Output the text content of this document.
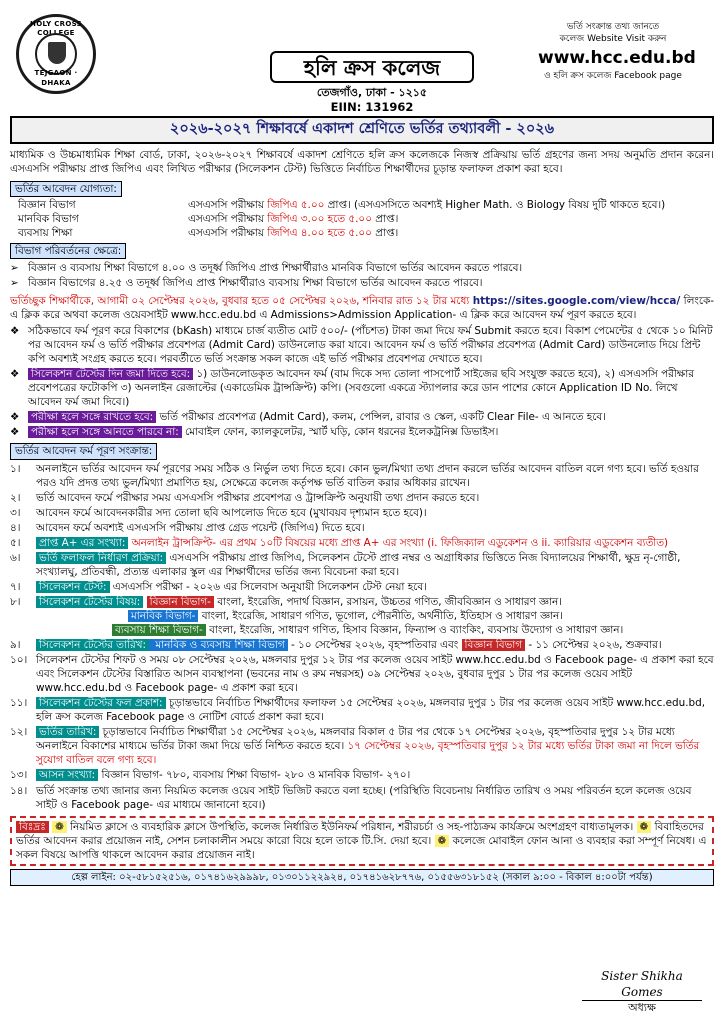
HOLY CROSS COLLEGE
TEJGAON · DHAKA
হলি ক্রস কলেজ
তেজগাঁও, ঢাকা - ১২১৫
EIIN: 131962
ভর্তি সংক্রান্ত তথ্য জানতে
কলেজ Website Visit করুন
www.hcc.edu.bd
ও হলি ক্রস কলেজ Facebook page
২০২৬-২০২৭ শিক্ষাবর্ষে একাদশ শ্রেণিতে ভর্তির তথ্যাবলী - ২০২৬
মাধ্যমিক ও উচ্চমাধ্যমিক শিক্ষা বোর্ড, ঢাকা, ২০২৬-২০২৭ শিক্ষাবর্ষে একাদশ শ্রেণিতে হলি ক্রস কলেজকে নিজস্ব প্রক্রিয়ায় ভর্তি গ্রহণের জন্য সদয় অনুমতি প্রদান করেন। এসএসসি পরীক্ষায় প্রাপ্ত জিপিএ এবং লিখিত পরীক্ষার (সিলেকশন টেস্ট) ভিত্তিতে নির্বাচিত শিক্ষার্থীদের চূড়ান্ত ফলাফল প্রকাশ করা হবে।
ভর্তির আবেদন যোগ্যতা:
বিজ্ঞান বিভাগ	এসএসসি পরীক্ষায় জিপিএ ৫.০০ প্রাপ্ত। (এসএসসিতে অবশ্যই Higher Math. ও Biology বিষয় দুটি থাকতে হবে।)
মানবিক বিভাগ	এসএসসি পরীক্ষায় জিপিএ ৩.০০ হতে ৫.০০ প্রাপ্ত।
ব্যবসায় শিক্ষা	এসএসসি পরীক্ষায় জিপিএ ৪.০০ হতে ৫.০০ প্রাপ্ত।
বিভাগ পরিবর্তনের ক্ষেত্রে:
➢ বিজ্ঞান ও ব্যবসায় শিক্ষা বিভাগে ৪.০০ ও তদূর্ধ্ব জিপিএ প্রাপ্ত শিক্ষার্থীরাও মানবিক বিভাগে ভর্তির আবেদন করতে পারবে।
➢ বিজ্ঞান বিভাগের ৪.২৫ ও তদূর্ধ্ব জিপিএ প্রাপ্ত শিক্ষার্থীরাও ব্যবসায় শিক্ষা বিভাগে ভর্তির আবেদন করতে পারবে।
ভর্তিচ্ছুক শিক্ষার্থীকে, আগামী ০২ সেপ্টেম্বর ২০২৬, বুধবার হতে ০৫ সেপ্টেম্বর ২০২৬, শনিবার রাত ১২ টার মধ্যে https://sites.google.com/view/hcca/ লিংকে-এ ক্লিক করে অথবা কলেজ ওয়েবসাইট www.hcc.edu.bd এ Admissions>Admission Application- এ ক্লিক করে আবেদন ফর্ম পূরণ করতে হবে।
❖ সঠিকভাবে ফর্ম পূরণ করে বিকাশের (bKash) মাধ্যমে চার্জ ব্যতীত মোট ৫০০/- (পাঁচশত) টাকা জমা দিয়ে ফর্ম Submit করতে হবে। বিকাশ পেমেন্টের ৫ থেকে ১০ মিনিট পর আবেদন ফর্ম ও ভর্তি পরীক্ষার প্রবেশপত্র (Admit Card) ডাউনলোড করা যাবে। আবেদন ফর্ম ও ভর্তি পরীক্ষার প্রবেশপত্র (Admit Card) ডাউনলোড দিয়ে প্রিন্ট কপি অবশ্যই সংগ্রহ করতে হবে। পরবর্তীতে ভর্তি সংক্রান্ত সকল কাজে এই ভর্তি পরীক্ষার প্রবেশপত্র দেখাতে হবে।
❖	সিলেকশন টেস্টের দিন জমা দিতে হবে: ১) ডাউনলোডকৃত আবেদন ফর্ম (বাম দিকে সদ্য তোলা পাসপোর্ট সাইজের ছবি সংযুক্ত করতে হবে), ২) এসএসসি পরীক্ষার প্রবেশপত্রের ফটোকপি ৩) অনলাইন রেজাল্টের (একাডেমিক ট্রান্সক্রিপ্ট) কপি। (সবগুলো একত্রে স্ট্যাপলার করে ডান পাশের কোনে Application ID No. লিখে আবেদন ফর্ম জমা দিবে।)
❖	পরীক্ষা হলে সঙ্গে রাখতে হবে: ভর্তি পরীক্ষার প্রবেশপত্র (Admit Card), কলম, পেন্সিল, রাবার ও স্কেল, একটি Clear File- এ আনতে হবে।
❖	পরীক্ষা হলে সঙ্গে আনতে পারবে না: মোবাইল ফোন, ক্যালকুলেটর, স্মার্ট ঘড়ি, কোন ধরনের ইলেকট্রনিক্স ডিভাইস।
ভর্তির আবেদন ফর্ম পূরণ সংক্রান্ত:
১।	অনলাইনে ভর্তির আবেদন ফর্ম পূরণের সময় সঠিক ও নির্ভুল তথ্য দিতে হবে। কোন ভুল/মিথ্যা তথ্য প্রদান করলে ভর্তির আবেদন বাতিল বলে গণ্য হবে। ভর্তি হওয়ার পরও যদি প্রদত্ত তথ্য ভুল/মিথ্যা প্রমাণিত হয়, সেক্ষেত্রে কলেজ কর্তৃপক্ষ ভর্তি বাতিল করার অধিকার রাখেন।
২।	ভর্তি আবেদন ফর্মে পরীক্ষার সময় এসএসসি পরীক্ষার প্রবেশপত্র ও ট্রান্সক্রিপ্ট অনুযায়ী তথ্য প্রদান করতে হবে।
৩।	আবেদন ফর্মে আবেদনকারীর সদ্য তোলা ছবি আপলোড দিতে হবে (মুখাবয়ব দৃশ্যমান হতে হবে)।
৪।	আবেদন ফর্মে অবশ্যই এসএসসি পরীক্ষায় প্রাপ্ত গ্রেড পয়েন্ট (জিপিএ) দিতে হবে।
৫।	প্রাপ্ত A+ এর সংখ্যা: অনলাইন ট্রান্সক্রিপ্ট- এর প্রথম ১০টি বিষয়ের মধ্যে প্রাপ্ত A+ এর সংখ্যা (i. ফিজিক্যাল এডুকেশন ও ii. ক্যারিয়ার এডুকেশন ব্যতীত)
৬।	ভর্তি ফলাফল নির্ধারণ প্রক্রিয়া: এসএসসি পরীক্ষায় প্রাপ্ত জিপিএ, সিলেকশন টেস্টে প্রাপ্ত নম্বর ও অগ্রাধিকার ভিত্তিতে নিজ বিদ্যালয়ের শিক্ষার্থী, ক্ষুদ্র নৃ-গোষ্ঠী, সংখ্যালঘু, প্রতিবন্ধী, প্রত্যন্ত এলাকার স্কুল এর শিক্ষার্থীদের ভর্তির জন্য বিবেচনা করা হবে।
৭।	সিলেকশন টেস্ট: এসএসসি পরীক্ষা - ২০২৬ এর সিলেবাস অনুযায়ী সিলেকশন টেস্ট নেয়া হবে।
৮।	সিলেকশন টেস্টের বিষয়: বিজ্ঞান বিভাগ- বাংলা, ইংরেজি, পদার্থ বিজ্ঞান, রসায়ন, উচ্চতর গণিত, জীববিজ্ঞান ও সাধারণ জ্ঞান।
মানবিক বিভাগ- বাংলা, ইংরেজি, সাধারণ গণিত, ভূগোল, পৌরনীতি, অর্থনীতি, ইতিহাস ও সাধারণ জ্ঞান।
ব্যবসায় শিক্ষা বিভাগ- বাংলা, ইংরেজি, সাধারণ গণিত, হিসাব বিজ্ঞান, ফিন্যান্স ও ব্যাংকিং, ব্যবসায় উদ্যোগ ও সাধারণ জ্ঞান।
৯।	সিলেকশন টেস্টের তারিখ: মানবিক ও ব্যবসায় শিক্ষা বিভাগ - ১০ সেপ্টেম্বর ২০২৬, বৃহস্পতিবার এবং বিজ্ঞান বিভাগ - ১১ সেপ্টেম্বর ২০২৬, শুক্রবার।
১০। সিলেকশন টেস্টের শিফট ও সময় ০৮ সেপ্টেম্বর ২০২৬, মঙ্গলবার দুপুর ১২ টার পর কলেজ ওয়েব সাইট www.hcc.edu.bd ও Facebook page- এ প্রকাশ করা হবে এবং সিলেকশন টেস্টের বিস্তারিত আসন ব্যবস্থাপনা (ভবনের নাম ও রুম নম্বরসহ) ০৯ সেপ্টেম্বর ২০২৬, বুধবার দুপুর ১ টার পর কলেজ ওয়েব সাইট www.hcc.edu.bd ও Facebook page- এ প্রকাশ করা হবে।
১১।	সিলেকশন টেস্টের ফল প্রকাশ: চূড়ান্তভাবে নির্বাচিত শিক্ষার্থীদের ফলাফল ১৫ সেপ্টেম্বর ২০২৬, মঙ্গলবার দুপুর ১ টার পর কলেজ ওয়েব সাইট www.hcc.edu.bd, হলি ক্রস কলেজ Facebook page ও নোটিশ বোর্ডে প্রকাশ করা হবে।
১২।	ভর্তির তারিখ: চূড়ান্তভাবে নির্বাচিত শিক্ষার্থীরা ১৫ সেপ্টেম্বর ২০২৬, মঙ্গলবার বিকাল ৫ টার পর থেকে ১৭ সেপ্টেম্বর ২০২৬, বৃহস্পতিবার দুপুর ১২ টার মধ্যে অনলাইনে বিকাশের মাধ্যমে ভর্তির টাকা জমা দিয়ে ভর্তি নিশ্চিত করতে হবে। ১৭ সেপ্টেম্বর ২০২৬, বৃহস্পতিবার দুপুর ১২ টার মধ্যে ভর্তির টাকা জমা না দিলে ভর্তির সুযোগ বাতিল বলে গণ্য হবে।
১৩।	আসন সংখ্যা: বিজ্ঞান বিভাগ- ৭৮০, ব্যবসায় শিক্ষা বিভাগ- ২৮০ ও মানবিক বিভাগ- ২৭০।
১৪। ভর্তি সংক্রান্ত তথ্য জানার জন্য নিয়মিত কলেজ ওয়েব সাইট ভিজিট করতে বলা হচ্ছে। (পরিস্থিতি বিবেচনায় নির্ধারিত তারিখ ও সময় পরিবর্তন হলে কলেজ ওয়েব সাইট ও Facebook page- এর মাধ্যমে জানানো হবে।)
বিঃদ্রঃ ❁ নিয়মিত ক্লাসে ও ব্যবহারিক ক্লাসে উপস্থিতি, কলেজ নির্ধারিত ইউনিফর্ম পরিধান, শরীরচর্চা ও সহ-পাঠ্যক্রম কার্যক্রমে অংশগ্রহণ বাধ্যতামূলক। ❁ বিবাহিতদের ভর্তির আবেদন করার প্রয়োজন নাই, সেশন চলাকালীন সময়ে কারো বিয়ে হলে তাকে টি.সি. দেয়া হবে। ❁ কলেজে মোবাইল ফোন আনা ও ব্যবহার করা সম্পূর্ণ নিষেধ। এ সকল বিষয়ে আপত্তি থাকলে আবেদন করার প্রয়োজন নাই।
হেল্প লাইন: ০২-৫৮১৫২৫১৬, ০১৭৪১৬২৯৯৯৮, ০১৩০১১২২৯২৪, ০১৭৪১৬২৮৭৭৬, ০১৫৫৬৩১৮১৫২ (সকাল ৯:০০ - বিকাল ৪:০০টা পর্যন্ত)
Sister Shikha Gomes
অধ্যক্ষ
